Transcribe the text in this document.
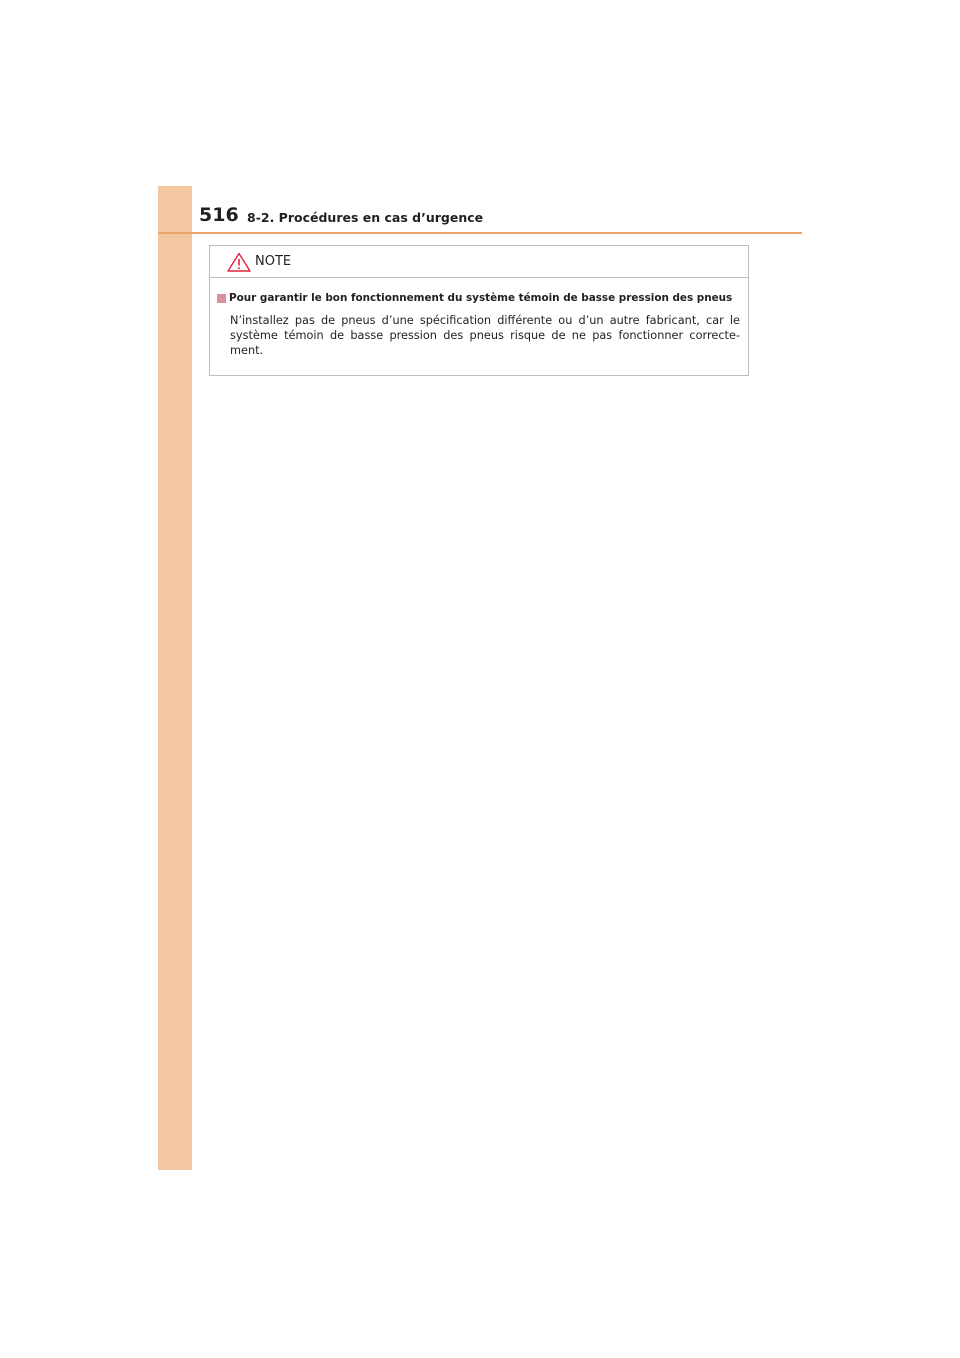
516 8-2. Procédures en cas d’urgence
NOTE
Pour garantir le bon fonctionnement du système témoin de basse pression des pneus
N’installez pas de pneus d’une spécification différente ou d’un autre fabricant, car le
système témoin de basse pression des pneus risque de ne pas fonctionner correcte-
ment.
